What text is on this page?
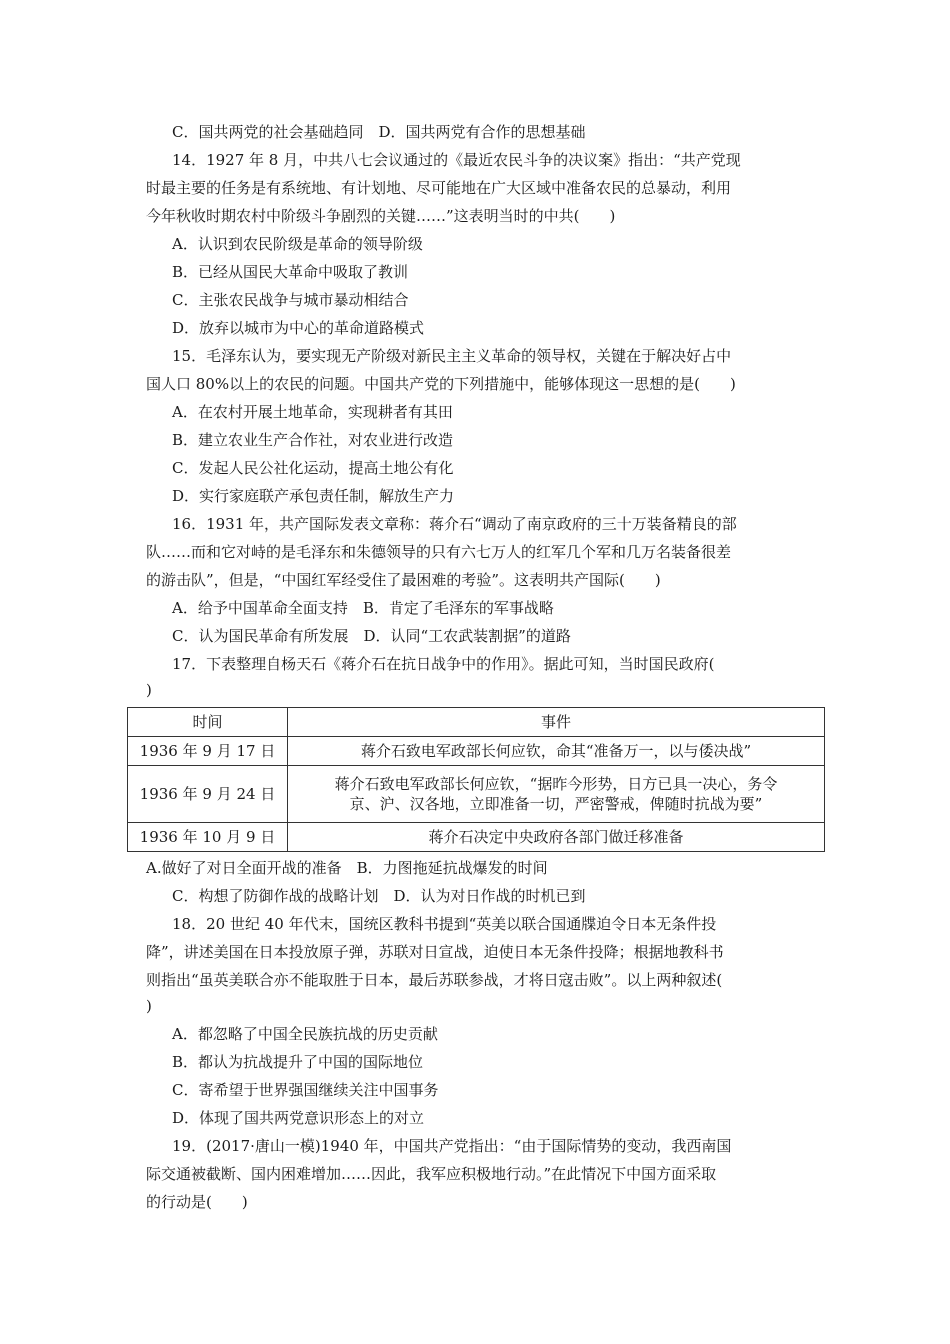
C．国共两党的社会基础趋同　D．国共两党有合作的思想基础
14．1927 年 8 月，中共八七会议通过的《最近农民斗争的决议案》指出：“共产党现
时最主要的任务是有系统地、有计划地、尽可能地在广大区域中准备农民的总暴动，利用
今年秋收时期农村中阶级斗争剧烈的关键……”这表明当时的中共(　　)
A．认识到农民阶级是革命的领导阶级
B．已经从国民大革命中吸取了教训
C．主张农民战争与城市暴动相结合
D．放弃以城市为中心的革命道路模式
15．毛泽东认为，要实现无产阶级对新民主主义革命的领导权，关键在于解决好占中
国人口 80%以上的农民的问题。中国共产党的下列措施中，能够体现这一思想的是(　　)
A．在农村开展土地革命，实现耕者有其田
B．建立农业生产合作社，对农业进行改造
C．发起人民公社化运动，提高土地公有化
D．实行家庭联产承包责任制，解放生产力
16．1931 年，共产国际发表文章称：蒋介石“调动了南京政府的三十万装备精良的部
队……而和它对峙的是毛泽东和朱德领导的只有六七万人的红军几个军和几万名装备很差
的游击队”，但是，“中国红军经受住了最困难的考验”。这表明共产国际(　　)
A．给予中国革命全面支持　B．肯定了毛泽东的军事战略
C．认为国民革命有所发展　D．认同“工农武装割据”的道路
17．下表整理自杨天石《蒋介石在抗日战争中的作用》。据此可知，当时国民政府(
)
时间	事件
1936 年 9 月 17 日	蒋介石致电军政部长何应钦，命其“准备万一，以与倭决战”
1936 年 9 月 24 日	蒋介石致电军政部长何应钦，“据昨今形势，日方已具一决心，务令
京、沪、汉各地，立即准备一切，严密警戒，俾随时抗战为要”

1936 年 10 月 9 日	蒋介石决定中央政府各部门做迁移准备
A.做好了对日全面开战的准备　B．力图拖延抗战爆发的时间
C．构想了防御作战的战略计划　D．认为对日作战的时机已到
18．20 世纪 40 年代末，国统区教科书提到“英美以联合国通牒迫令日本无条件投
降”，讲述美国在日本投放原子弹，苏联对日宣战，迫使日本无条件投降；根据地教科书
则指出“虽英美联合亦不能取胜于日本，最后苏联参战，才将日寇击败”。以上两种叙述(
)
A．都忽略了中国全民族抗战的历史贡献
B．都认为抗战提升了中国的国际地位
C．寄希望于世界强国继续关注中国事务
D．体现了国共两党意识形态上的对立
19．(2017·唐山一模)1940 年，中国共产党指出：“由于国际情势的变动，我西南国
际交通被截断、国内困难增加……因此，我军应积极地行动。”在此情况下中国方面采取
的行动是(　　)
